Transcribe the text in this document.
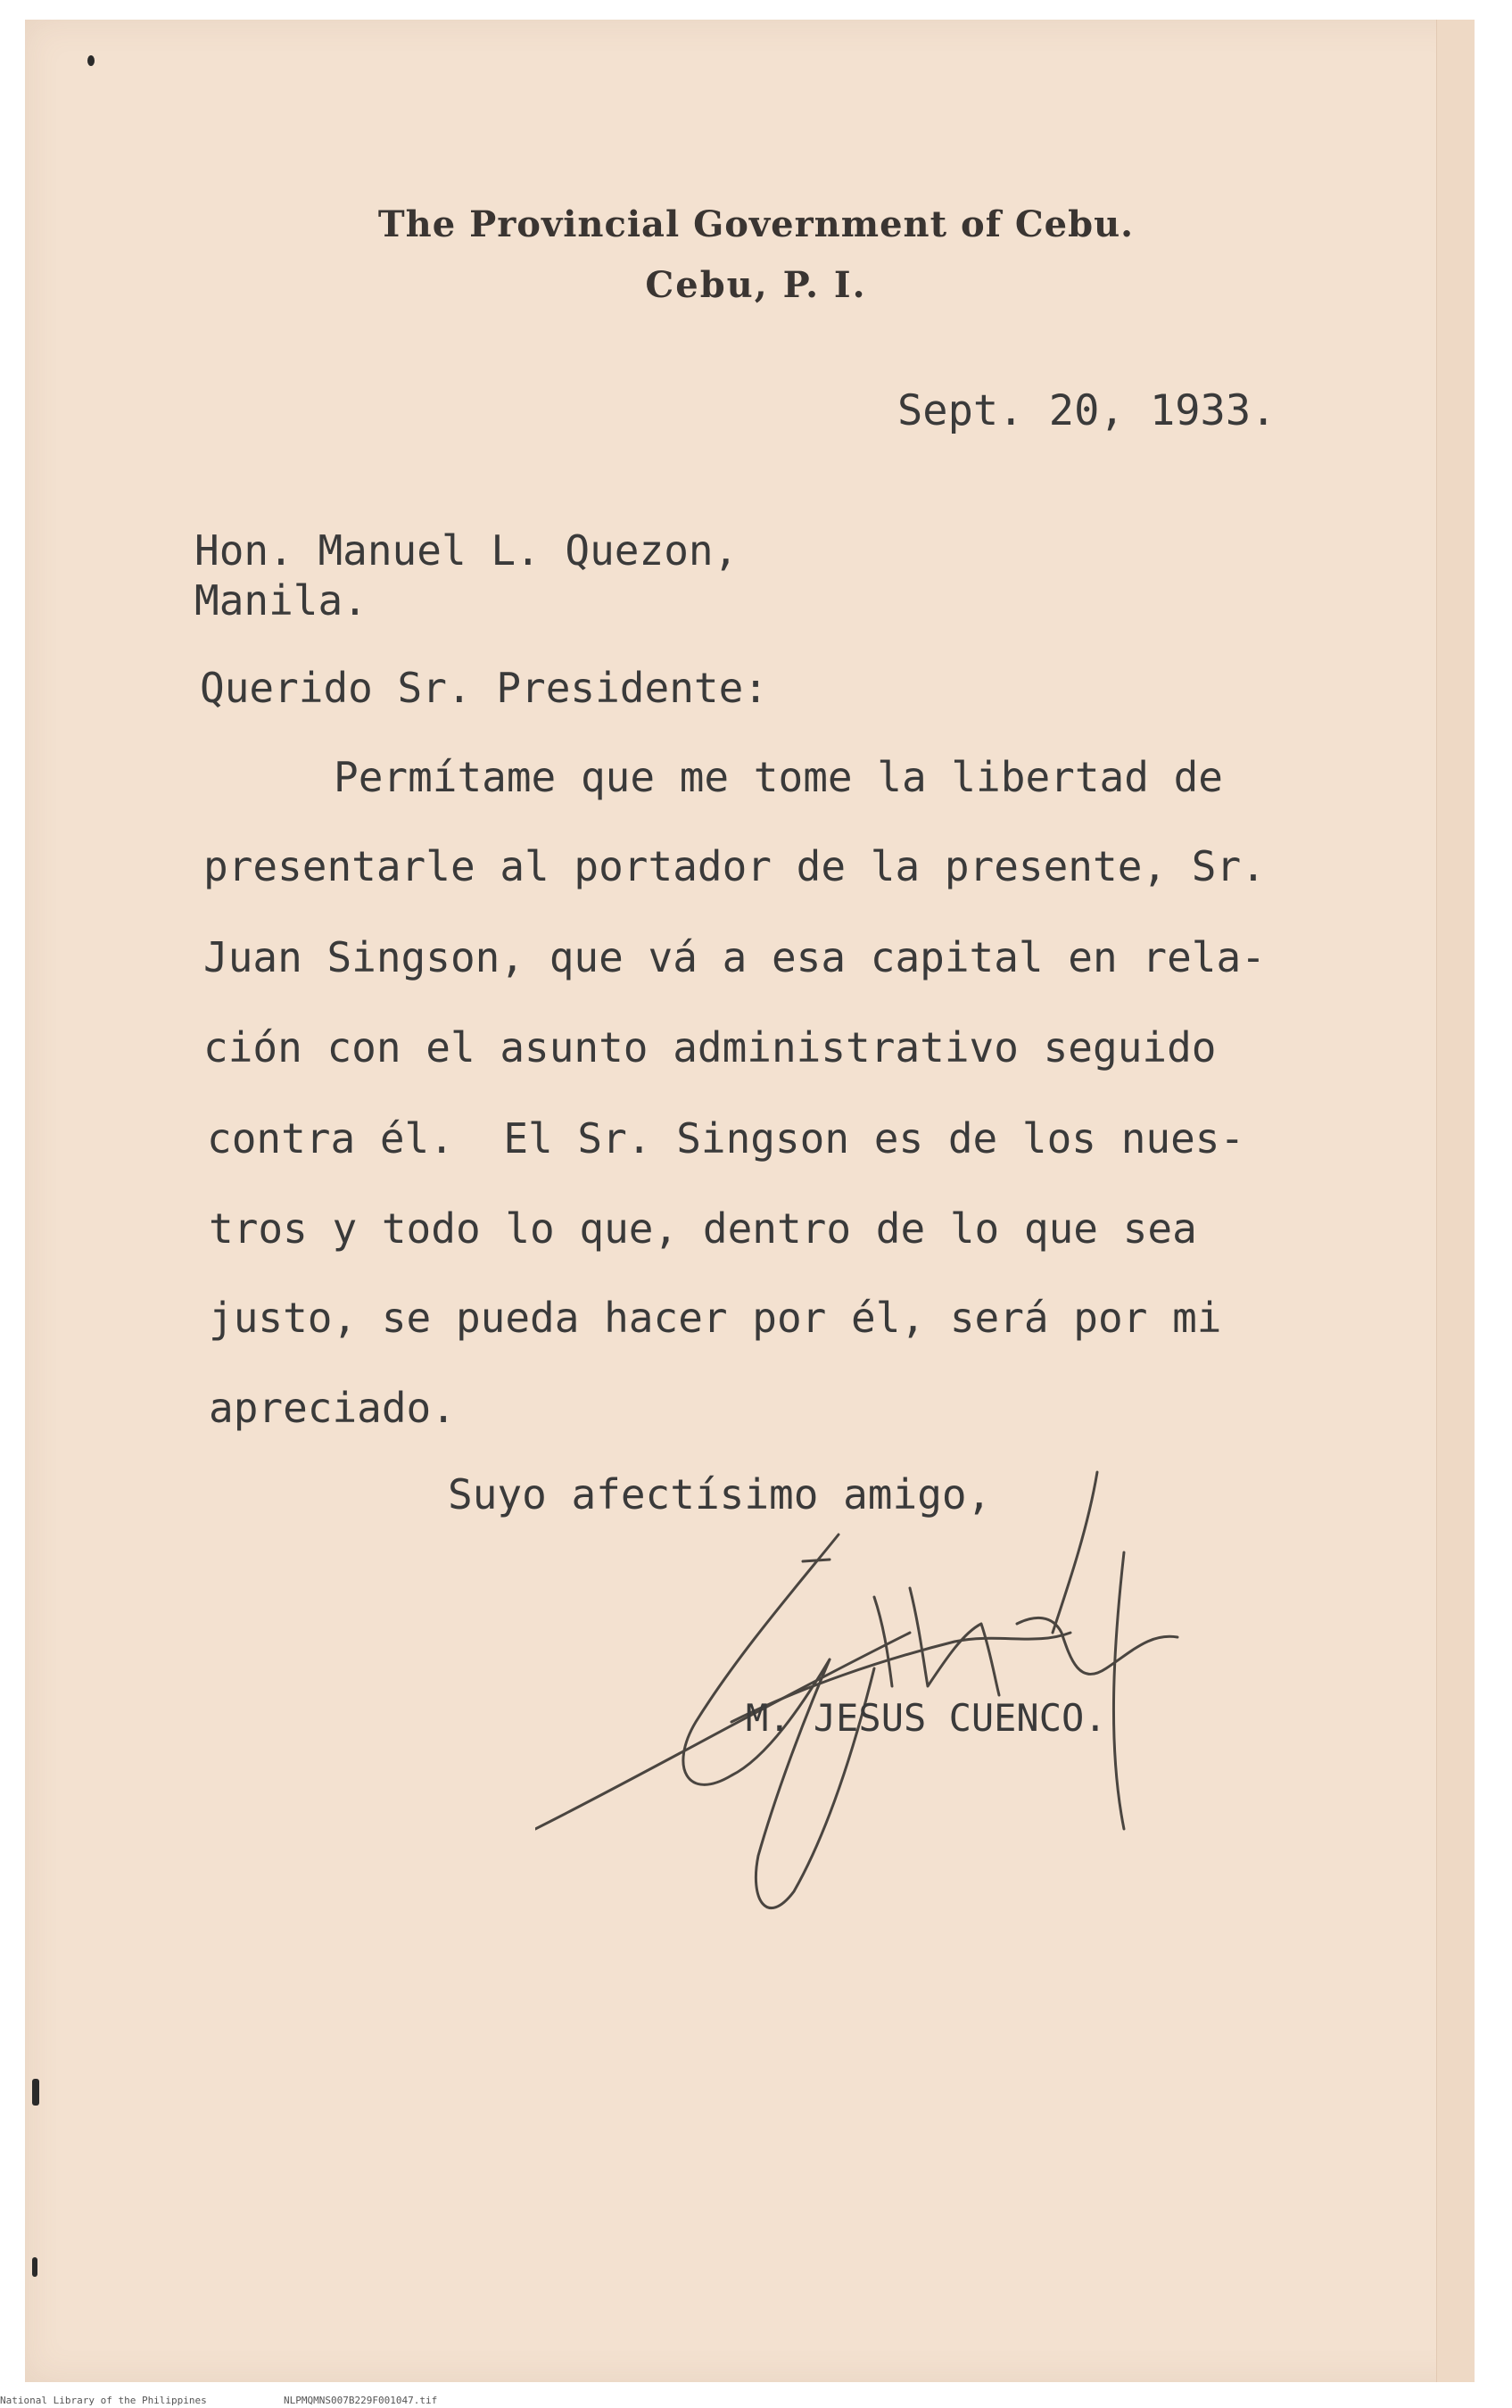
The Provincial Government of Cebu.
Cebu, P. I.
Sept. 20, 1933.
Hon. Manuel L. Quezon,
Manila.
Querido Sr. Presidente:
Permítame que me tome la libertad de
presentarle al portador de la presente, Sr.
Juan Singson, que vá a esa capital en rela-
ción con el asunto administrativo seguido
contra él.  El Sr. Singson es de los nues-
tros y todo lo que, dentro de lo que sea
justo, se pueda hacer por él, será por mi
apreciado.
Suyo afectísimo amigo,
M. JESUS CUENCO.
National Library of the Philippines	NLPMQMNS007B229F001047.tif
